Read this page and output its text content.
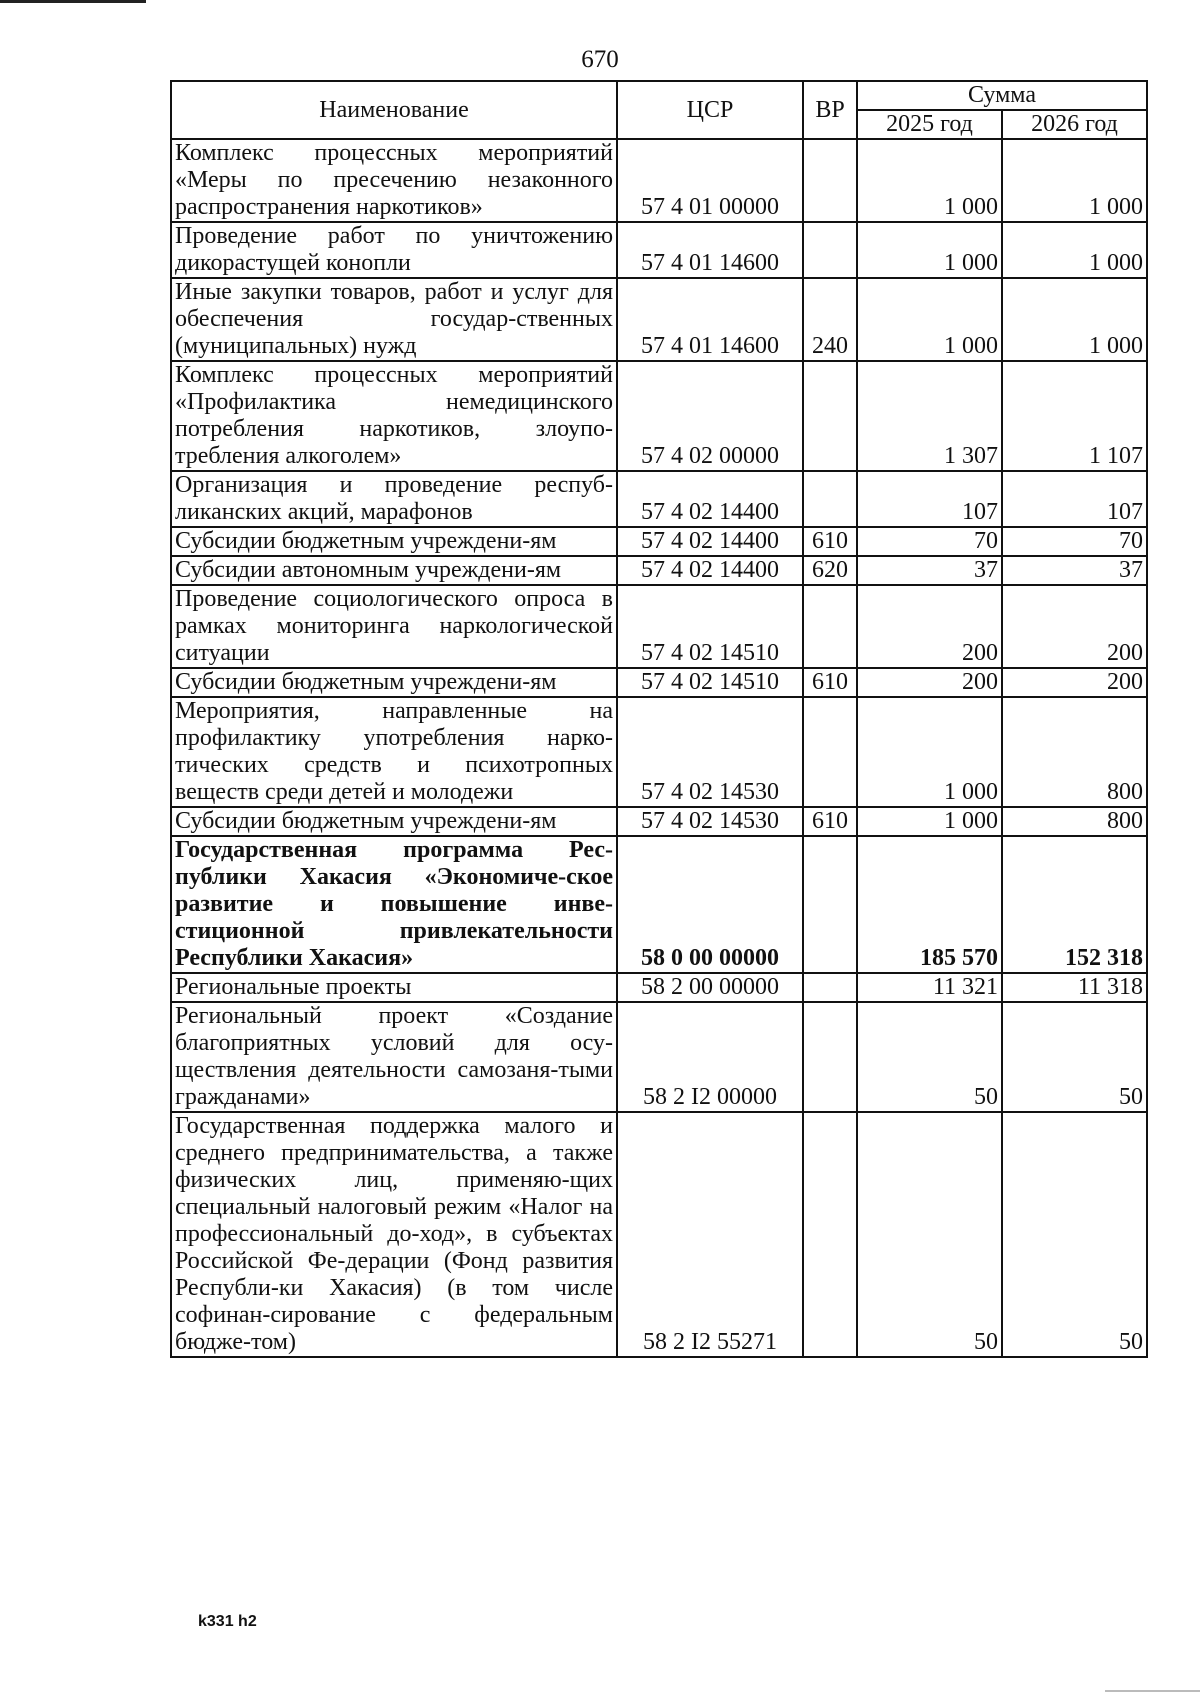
670
Наименование	ЦСР	ВР	Сумма	
			2025 год	2026 год
Комплекс процессных мероприятий «Меры по пресечению незаконного распространения наркотиков»	57 4 01 00000		1 000	1 000
Проведение работ по уничтожению дикорастущей конопли	57 4 01 14600		1 000	1 000
Иные закупки товаров, работ и услуг для обеспечения государ-ственных (муниципальных) нужд	57 4 01 14600	240	1 000	1 000
Комплекс процессных мероприятий «Профилактика немедицинского потребления наркотиков, злоупо-требления алкоголем»	57 4 02 00000		1 307	1 107
Организация и проведение респуб-ликанских акций, марафонов	57 4 02 14400		107	107
Субсидии бюджетным учреждени-ям	57 4 02 14400	610	70	70
Субсидии автономным учреждени-ям	57 4 02 14400	620	37	37
Проведение социологического опроса в рамках мониторинга наркологической ситуации	57 4 02 14510		200	200
Субсидии бюджетным учреждени-ям	57 4 02 14510	610	200	200
Мероприятия, направленные на профилактику употребления нарко-тических средств и психотропных веществ среди детей и молодежи	57 4 02 14530		1 000	800
Субсидии бюджетным учреждени-ям	57 4 02 14530	610	1 000	800
Государственная программа Рес-публики Хакасия «Экономиче-ское развитие и повышение инве-стиционной привлекательности Республики Хакасия»	58 0 00 00000		185 570	152 318
Региональные проекты	58 2 00 00000		11 321	11 318
Региональный проект «Создание благоприятных условий для осу-ществления деятельности самозаня-тыми гражданами»	58 2 I2 00000		50	50
Государственная поддержка малого и среднего предпринимательства, а также физических лиц, применяю-щих специальный налоговый режим «Налог на профессиональный до-ход», в субъектах Российской Фе-дерации (Фонд развития Республи-ки Хакасия) (в том числе софинан-сирование с федеральным бюдже-том)	58 2 I2 55271		50	50
k331 h2
